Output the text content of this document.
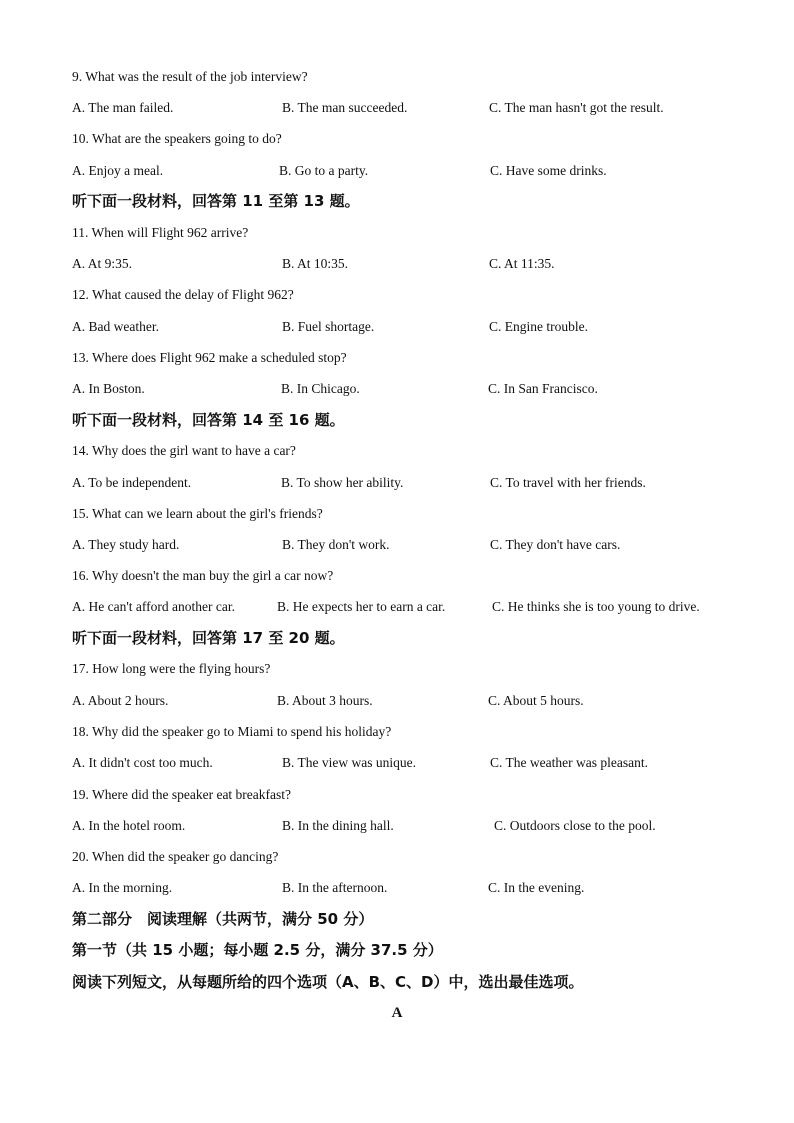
9. What was the result of the job interview?
A. The man failed.	B. The man succeeded.	C. The man hasn't got the result.
10. What are the speakers going to do?
A. Enjoy a meal.	B. Go to a party.	C. Have some drinks.
听下面一段材料，回答第 11 至第 13 题。
11. When will Flight 962 arrive?
A. At 9:35.	B. At 10:35.	C. At 11:35.
12. What caused the delay of Flight 962?
A. Bad weather.	B. Fuel shortage.	C. Engine trouble.
13. Where does Flight 962 make a scheduled stop?
A. In Boston.	B. In Chicago.	C. In San Francisco.
听下面一段材料，回答第 14 至 16 题。
14. Why does the girl want to have a car?
A. To be independent.	B. To show her ability.	C. To travel with her friends.
15. What can we learn about the girl's friends?
A. They study hard.	B. They don't work.	C. They don't have cars.
16. Why doesn't the man buy the girl a car now?
A. He can't afford another car.	B. He expects her to earn a car.	C. He thinks she is too young to drive.
听下面一段材料，回答第 17 至 20 题。
17. How long were the flying hours?
A. About 2 hours.	B. About 3 hours.	C. About 5 hours.
18. Why did the speaker go to Miami to spend his holiday?
A. It didn't cost too much.	B. The view was unique.	C. The weather was pleasant.
19. Where did the speaker eat breakfast?
A. In the hotel room.	B. In the dining hall.	C. Outdoors close to the pool.
20. When did the speaker go dancing?
A. In the morning.	B. In the afternoon.	C. In the evening.
第二部分　阅读理解（共两节，满分 50 分）
第一节（共 15 小题；每小题 2.5 分，满分 37.5 分）
阅读下列短文，从每题所给的四个选项（A、B、C、D）中，选出最佳选项。
A
